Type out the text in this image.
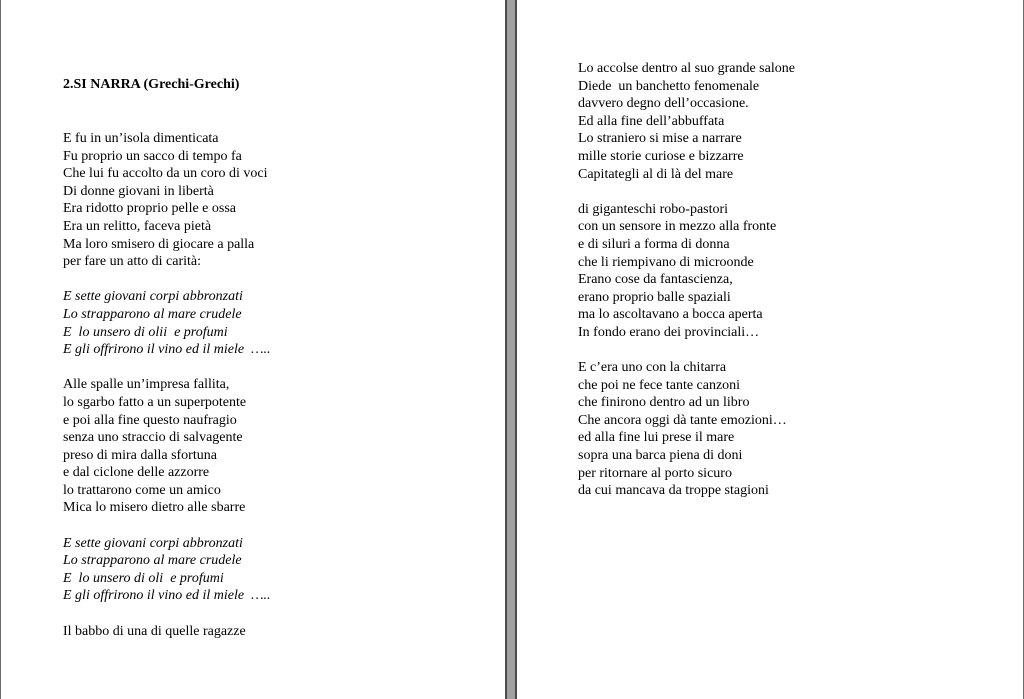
2.SI NARRA (Grechi-Grechi)
E fu in un’isola dimenticata
Fu proprio un sacco di tempo fa
Che lui fu accolto da un coro di voci
Di donne giovani in libertà
Era ridotto proprio pelle e ossa
Era un relitto, faceva pietà
Ma loro smisero di giocare a palla
per fare un atto di carità:
E sette giovani corpi abbronzati
Lo strapparono al mare crudele
E  lo unsero di olii  e profumi
E gli offrirono il vino ed il miele  …..
Alle spalle un’impresa fallita,
lo sgarbo fatto a un superpotente
e poi alla fine questo naufragio
senza uno straccio di salvagente
preso di mira dalla sfortuna
e dal ciclone delle azzorre
lo trattarono come un amico
Mica lo misero dietro alle sbarre
E sette giovani corpi abbronzati
Lo strapparono al mare crudele
E  lo unsero di oli  e profumi
E gli offrirono il vino ed il miele  …..
Il babbo di una di quelle ragazze
Lo accolse dentro al suo grande salone
Diede  un banchetto fenomenale
davvero degno dell’occasione.
Ed alla fine dell’abbuffata
Lo straniero si mise a narrare
mille storie curiose e bizzarre
Capitategli al di là del mare
di giganteschi robo-pastori
con un sensore in mezzo alla fronte
e di siluri a forma di donna
che li riempivano di microonde
Erano cose da fantascienza,
erano proprio balle spaziali
ma lo ascoltavano a bocca aperta
In fondo erano dei provinciali…
E c’era uno con la chitarra
che poi ne fece tante canzoni
che finirono dentro ad un libro
Che ancora oggi dà tante emozioni…
ed alla fine lui prese il mare
sopra una barca piena di doni
per ritornare al porto sicuro
da cui mancava da troppe stagioni
